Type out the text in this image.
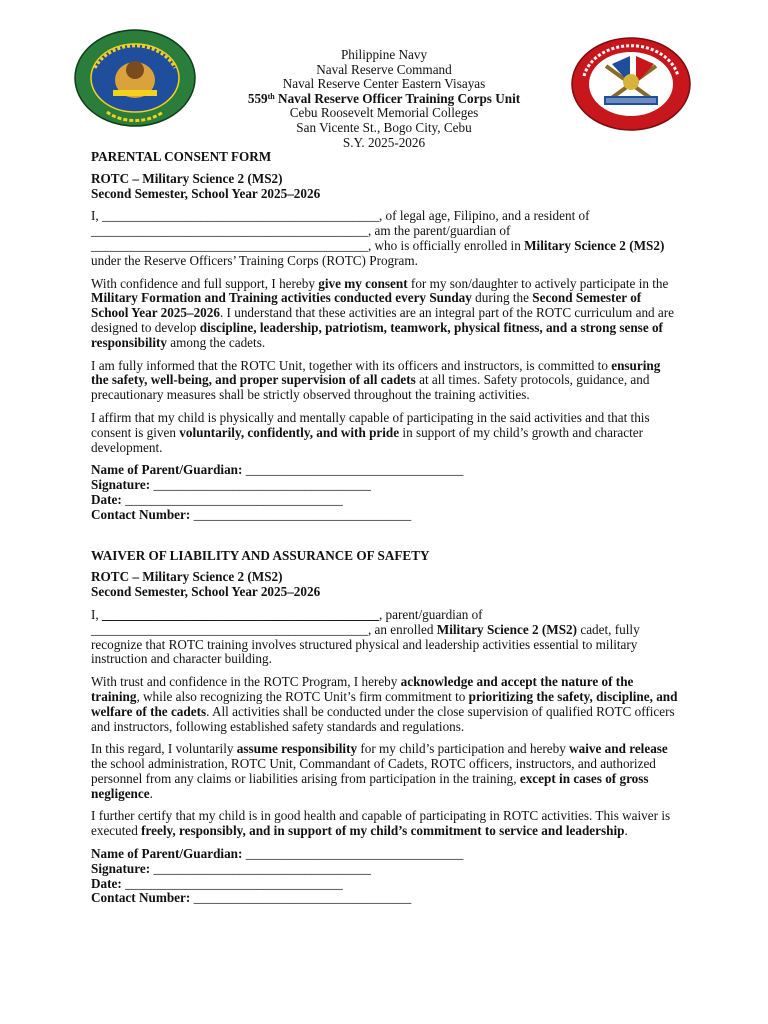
Philippine Navy
Naval Reserve Command
Naval Reserve Center Eastern Visayas
559th Naval Reserve Officer Training Corps Unit
Cebu Roosevelt Memorial Colleges
San Vicente St., Bogo City, Cebu
S.Y. 2025-2026

PARENTAL CONSENT FORM

ROTC – Military Science 2 (MS2)
Second Semester, School Year 2025–2026

I, __________________________________________, of legal age, Filipino, and a resident of
__________________________________________, am the parent/guardian of
__________________________________________, who is officially enrolled in Military Science 2 (MS2)
under the Reserve Officers’ Training Corps (ROTC) Program.

With confidence and full support, I hereby give my consent for my son/daughter to actively participate in the Military Formation and Training activities conducted every Sunday during the Second Semester of School Year 2025–2026. I understand that these activities are an integral part of the ROTC curriculum and are designed to develop discipline, leadership, patriotism, teamwork, physical fitness, and a strong sense of responsibility among the cadets.

I am fully informed that the ROTC Unit, together with its officers and instructors, is committed to ensuring the safety, well-being, and proper supervision of all cadets at all times. Safety protocols, guidance, and precautionary measures shall be strictly observed throughout the training activities.

I affirm that my child is physically and mentally capable of participating in the said activities and that this consent is given voluntarily, confidently, and with pride in support of my child’s growth and character development.

Name of Parent/Guardian: _________________________________
Signature: _________________________________
Date: _________________________________
Contact Number: _________________________________

WAIVER OF LIABILITY AND ASSURANCE OF SAFETY

ROTC – Military Science 2 (MS2)
Second Semester, School Year 2025–2026

I, __________________________________________, parent/guardian of
__________________________________________, an enrolled Military Science 2 (MS2) cadet, fully recognize that ROTC training involves structured physical and leadership activities essential to military instruction and character building.

With trust and confidence in the ROTC Program, I hereby acknowledge and accept the nature of the training, while also recognizing the ROTC Unit’s firm commitment to prioritizing the safety, discipline, and welfare of the cadets. All activities shall be conducted under the close supervision of qualified ROTC officers and instructors, following established safety standards and regulations.

In this regard, I voluntarily assume responsibility for my child’s participation and hereby waive and release the school administration, ROTC Unit, Commandant of Cadets, ROTC officers, instructors, and authorized personnel from any claims or liabilities arising from participation in the training, except in cases of gross negligence.

I further certify that my child is in good health and capable of participating in ROTC activities. This waiver is executed freely, responsibly, and in support of my child’s commitment to service and leadership.

Name of Parent/Guardian: _________________________________
Signature: _________________________________
Date: _________________________________
Contact Number: _________________________________
